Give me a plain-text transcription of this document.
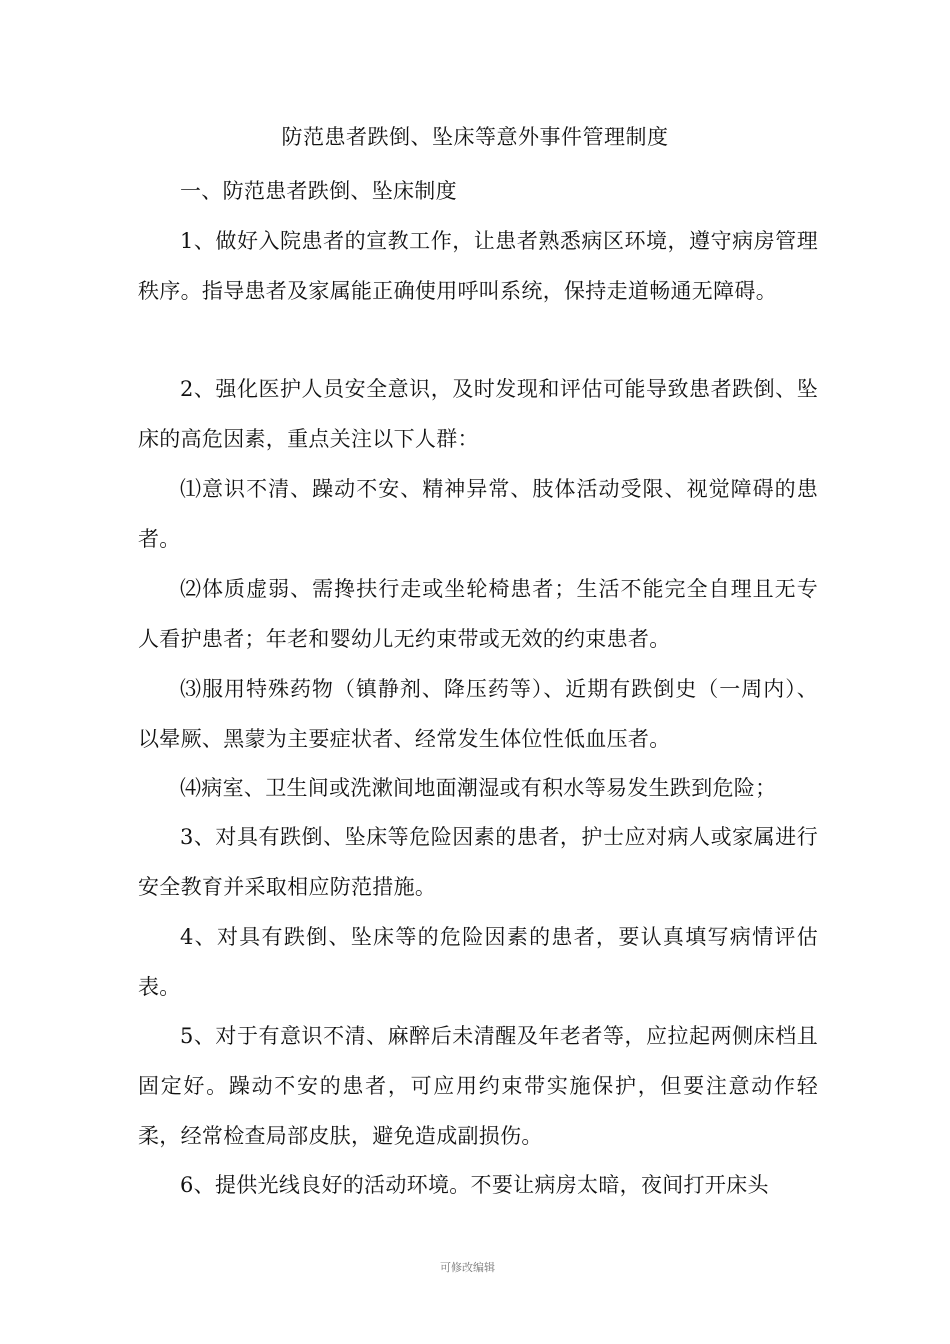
防范患者跌倒、坠床等意外事件管理制度

一、防范患者跌倒、坠床制度

1、做好入院患者的宣教工作，让患者熟悉病区环境，遵守病房管理秩序。指导患者及家属能正确使用呼叫系统，保持走道畅通无障碍。

2、强化医护人员安全意识，及时发现和评估可能导致患者跌倒、坠床的高危因素，重点关注以下人群：

⑴意识不清、躁动不安、精神异常、肢体活动受限、视觉障碍的患者。

⑵体质虚弱、需搀扶行走或坐轮椅患者；生活不能完全自理且无专人看护患者；年老和婴幼儿无约束带或无效的约束患者。

⑶服用特殊药物（镇静剂、降压药等）、近期有跌倒史（一周内）、以晕厥、黑蒙为主要症状者、经常发生体位性低血压者。

⑷病室、卫生间或洗漱间地面潮湿或有积水等易发生跌到危险；

3、对具有跌倒、坠床等危险因素的患者，护士应对病人或家属进行安全教育并采取相应防范措施。

4、对具有跌倒、坠床等的危险因素的患者，要认真填写病情评估表。

5、对于有意识不清、麻醉后未清醒及年老者等，应拉起两侧床档且固定好。躁动不安的患者，可应用约束带实施保护，但要注意动作轻柔，经常检查局部皮肤，避免造成副损伤。

6、提供光线良好的活动环境。不要让病房太暗，夜间打开床头

可修改编辑
